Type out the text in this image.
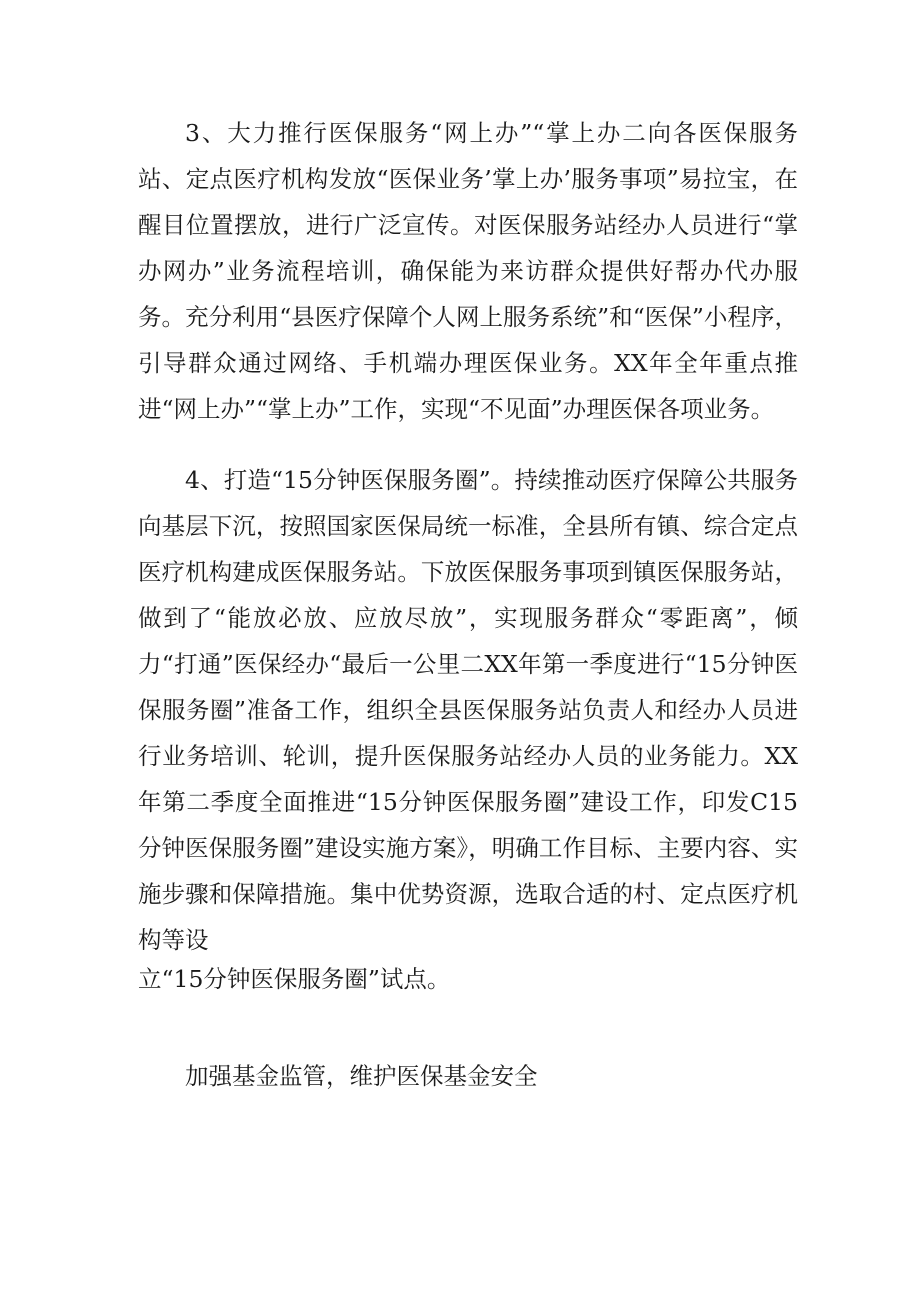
3、大力推行医保服务“网上办”“掌上办二向各医保服务站、定点医疗机构发放“医保业务’掌上办’服务事项”易拉宝，在醒目位置摆放，进行广泛宣传。对医保服务站经办人员进行“掌办网办”业务流程培训，确保能为来访群众提供好帮办代办服务。充分利用“县医疗保障个人网上服务系统”和“医保”小程序，引导群众通过网络、手机端办理医保业务。XX年全年重点推进“网上办”“掌上办”工作，实现“不见面”办理医保各项业务。

4、打造“15分钟医保服务圈”。持续推动医疗保障公共服务向基层下沉，按照国家医保局统一标准，全县所有镇、综合定点医疗机构建成医保服务站。下放医保服务事项到镇医保服务站，做到了“能放必放、应放尽放”，实现服务群众“零距离”，倾力“打通”医保经办“最后一公里二XX年第一季度进行“15分钟医保服务圈”准备工作，组织全县医保服务站负责人和经办人员进行业务培训、轮训，提升医保服务站经办人员的业务能力。XX年第二季度全面推进“15分钟医保服务圈”建设工作，印发C15分钟医保服务圈”建设实施方案》，明确工作目标、主要内容、实施步骤和保障措施。集中优势资源，选取合适的村、定点医疗机构等设

立“15分钟医保服务圈”试点。

加强基金监管，维护医保基金安全
